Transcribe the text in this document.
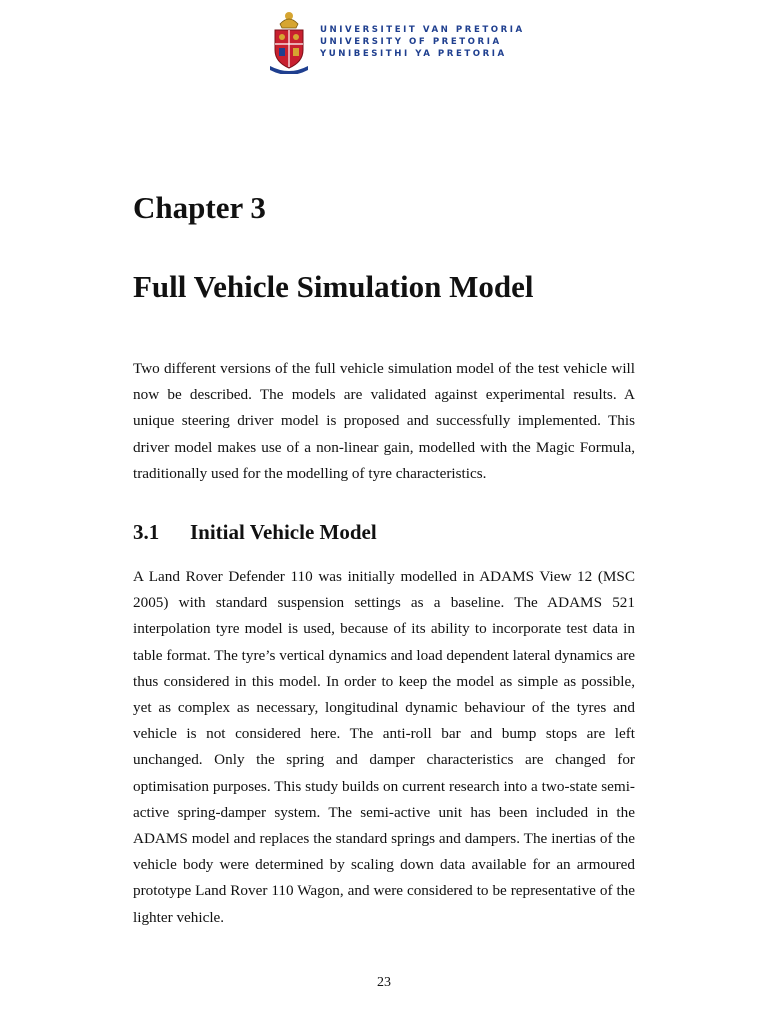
UNIVERSITEIT VAN PRETORIA
UNIVERSITY OF PRETORIA
YUNIBESITHI YA PRETORIA
Chapter 3
Full Vehicle Simulation Model

Two different versions of the full vehicle simulation model of the test vehicle will now be described. The models are validated against experimental results. A unique steering driver model is proposed and successfully implemented. This driver model makes use of a non-linear gain, modelled with the Magic Formula, traditionally used for the modelling of tyre characteristics.

3.1 Initial Vehicle Model

A Land Rover Defender 110 was initially modelled in ADAMS View 12 (MSC 2005) with standard suspension settings as a baseline. The ADAMS 521 interpolation tyre model is used, because of its ability to incorporate test data in table format. The tyre’s vertical dynamics and load dependent lateral dynamics are thus considered in this model. In order to keep the model as simple as possible, yet as complex as necessary, longitudinal dynamic behaviour of the tyres and vehicle is not considered here. The anti-roll bar and bump stops are left unchanged. Only the spring and damper characteristics are changed for optimisation purposes. This study builds on current research into a two-state semi-active spring-damper system. The semi-active unit has been included in the ADAMS model and replaces the standard springs and dampers. The inertias of the vehicle body were determined by scaling down data available for an armoured prototype Land Rover 110 Wagon, and were considered to be representative of the lighter vehicle.

23
